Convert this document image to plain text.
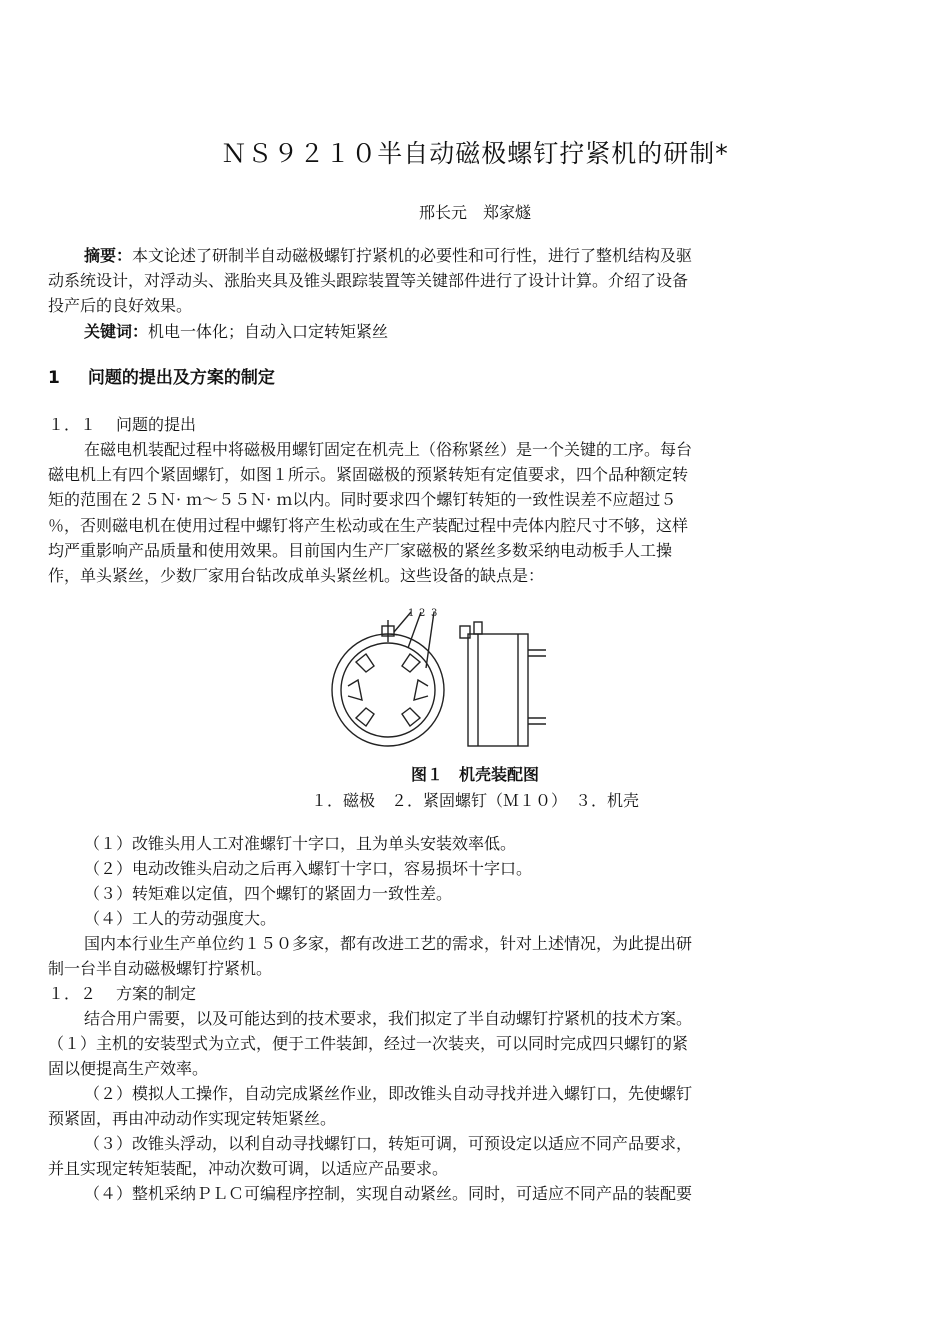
ＮＳ９２１０半自动磁极螺钉拧紧机的研制*
邢长元　郑家燧
摘要：本文论述了研制半自动磁极螺钉拧紧机的必要性和可行性，进行了整机结构及驱
动系统设计，对浮动头、涨胎夹具及锥头跟踪装置等关键部件进行了设计计算。介绍了设备
投产后的良好效果。
关键词：机电一体化；自动入口定转矩紧丝
1 问题的提出及方案的制定
１．１ 问题的提出
在磁电机装配过程中将磁极用螺钉固定在机壳上（俗称紧丝）是一个关键的工序。每台
磁电机上有四个紧固螺钉，如图１所示。紧固磁极的预紧转矩有定值要求，四个品种额定转
矩的范围在２５Ｎ· ｍ～５５Ｎ· ｍ以内。同时要求四个螺钉转矩的一致性误差不应超过５
％，否则磁电机在使用过程中螺钉将产生松动或在生产装配过程中壳体内腔尺寸不够，这样
均严重影响产品质量和使用效果。目前国内生产厂家磁极的紧丝多数采纳电动板手人工操
作，单头紧丝，少数厂家用台钻改成单头紧丝机。这些设备的缺点是：
1 2 3
图１　机壳装配图
１．磁极　２．紧固螺钉（Ｍ１０）　３．机壳
（１）改锥头用人工对准螺钉十字口，且为单头安装效率低。
（２）电动改锥头启动之后再入螺钉十字口，容易损坏十字口。
（３）转矩难以定值，四个螺钉的紧固力一致性差。
（４）工人的劳动强度大。
国内本行业生产单位约１５０多家，都有改进工艺的需求，针对上述情况，为此提出研
制一台半自动磁极螺钉拧紧机。
１．２ 方案的制定
结合用户需要，以及可能达到的技术要求，我们拟定了半自动螺钉拧紧机的技术方案。
（１）主机的安装型式为立式，便于工件装卸，经过一次装夹，可以同时完成四只螺钉的紧
固以便提高生产效率。
（２）模拟人工操作，自动完成紧丝作业，即改锥头自动寻找并进入螺钉口，先使螺钉
预紧固，再由冲动动作实现定转矩紧丝。
（３）改锥头浮动，以利自动寻找螺钉口，转矩可调，可预设定以适应不同产品要求，
并且实现定转矩装配，冲动次数可调，以适应产品要求。
（４）整机采纳ＰＬＣ可编程序控制，实现自动紧丝。同时，可适应不同产品的装配要
